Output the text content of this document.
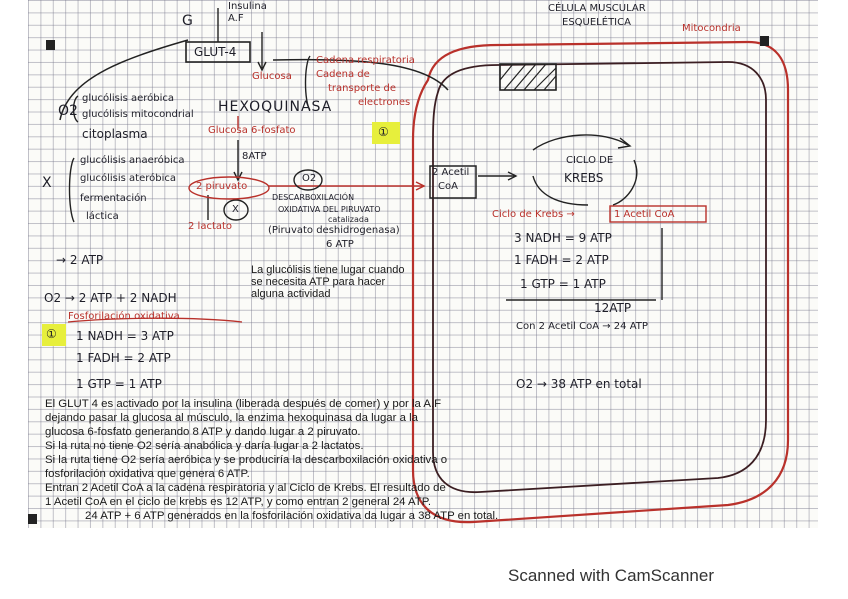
G
Insulina
A.F
GLUT-4
CÉLULA MUSCULAR
ESQUELÉTICA
Mitocondria
Cadena respiratoria
Cadena de
transporte de
electrones
O2
glucólisis aeróbica
glucólisis mitocondrial
citoplasma
Glucosa
HEXOQUINASA
Glucosa 6-fosfato	①
8ATP
2 piruvato
O2
X
2 lactato
DESCARBOXILACIÓN
OXIDATIVA DEL PIRUVATO
catalizada
(Piruvato deshidrogenasa)
6 ATP
2 Acetil
CoA
X
glucólisis anaeróbica
glucólisis ateróbica
fermentación
láctica
→ 2 ATP
CICLO DE
KREBS
Ciclo de Krebs →	1 Acetil CoA
3 NADH = 9 ATP
1 FADH = 2 ATP
1 GTP = 1 ATP
12ATP
Con 2 Acetil CoA → 24 ATP
O2 → 38 ATP en total
O2 → 2 ATP + 2 NADH
Fosforilación oxidativa
① 1 NADH = 3 ATP
1 FADH = 2 ATP
1 GTP = 1 ATP
La glucólisis tiene lugar cuando
se necesita ATP para hacer
alguna actividad
El GLUT 4 es activado por la insulina (liberada después de comer) y por la A.F
dejando pasar la glucosa al músculo, la enzima hexoquinasa da lugar a la
glucosa 6-fosfato generando 8 ATP y dando lugar a 2 piruvato.
Si la ruta no tiene O2 sería anabólica y daría lugar a 2 lactatos.
Si la ruta tiene O2 sería aeróbica y se produciría la descarboxilación oxidativa o
fosforilación oxidativa que genera 6 ATP.
Entran 2 Acetil CoA a la cadena respiratoria y al Ciclo de Krebs. El resultado de
1 Acetil CoA en el ciclo de krebs es 12 ATP, y como entran 2 general 24 ATP.
24 ATP + 6 ATP generados en la fosforilación oxidativa da lugar a 38 ATP en total.
Scanned with CamScanner
